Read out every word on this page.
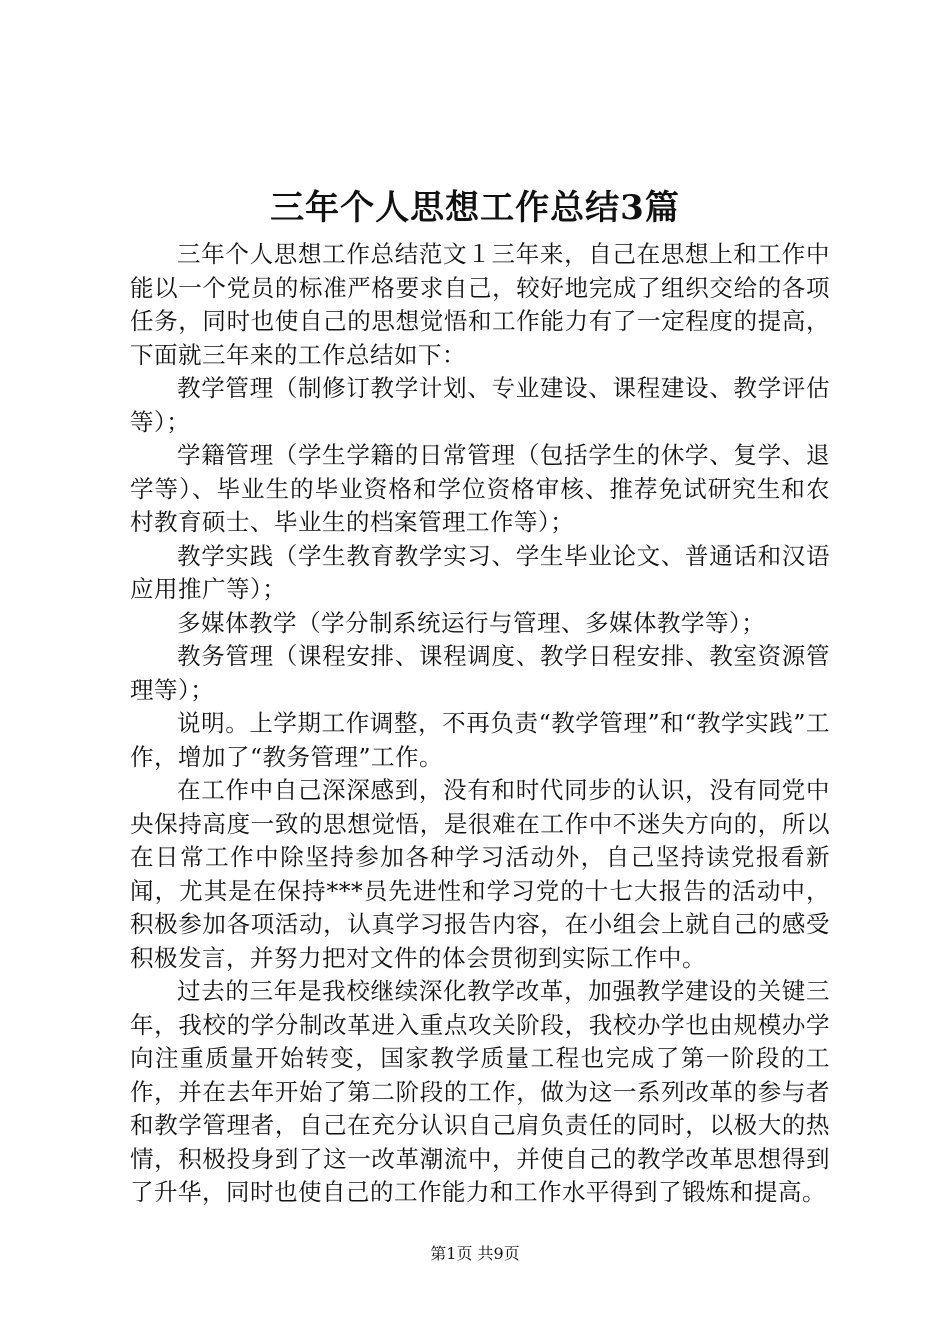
三年个人思想工作总结3篇

三年个人思想工作总结范文１三年来，自己在思想上和工作中能以一个党员的标准严格要求自己，较好地完成了组织交给的各项任务，同时也使自己的思想觉悟和工作能力有了一定程度的提高，下面就三年来的工作总结如下：

教学管理（制修订教学计划、专业建设、课程建设、教学评估等）；

学籍管理（学生学籍的日常管理（包括学生的休学、复学、退学等）、毕业生的毕业资格和学位资格审核、推荐免试研究生和农村教育硕士、毕业生的档案管理工作等）；

教学实践（学生教育教学实习、学生毕业论文、普通话和汉语应用推广等）；

多媒体教学（学分制系统运行与管理、多媒体教学等）；

教务管理（课程安排、课程调度、教学日程安排、教室资源管理等）；

说明。上学期工作调整，不再负责“教学管理”和“教学实践”工作，增加了“教务管理”工作。

在工作中自己深深感到，没有和时代同步的认识，没有同党中央保持高度一致的思想觉悟，是很难在工作中不迷失方向的，所以在日常工作中除坚持参加各种学习活动外，自己坚持读党报看新闻，尤其是在保持***员先进性和学习党的十七大报告的活动中，积极参加各项活动，认真学习报告内容，在小组会上就自己的感受积极发言，并努力把对文件的体会贯彻到实际工作中。

过去的三年是我校继续深化教学改革，加强教学建设的关键三年，我校的学分制改革进入重点攻关阶段，我校办学也由规模办学向注重质量开始转变，国家教学质量工程也完成了第一阶段的工作，并在去年开始了第二阶段的工作，做为这一系列改革的参与者和教学管理者，自己在充分认识自己肩负责任的同时，以极大的热情，积极投身到了这一改革潮流中，并使自己的教学改革思想得到了升华，同时也使自己的工作能力和工作水平得到了锻炼和提高。

第1页 共9页
